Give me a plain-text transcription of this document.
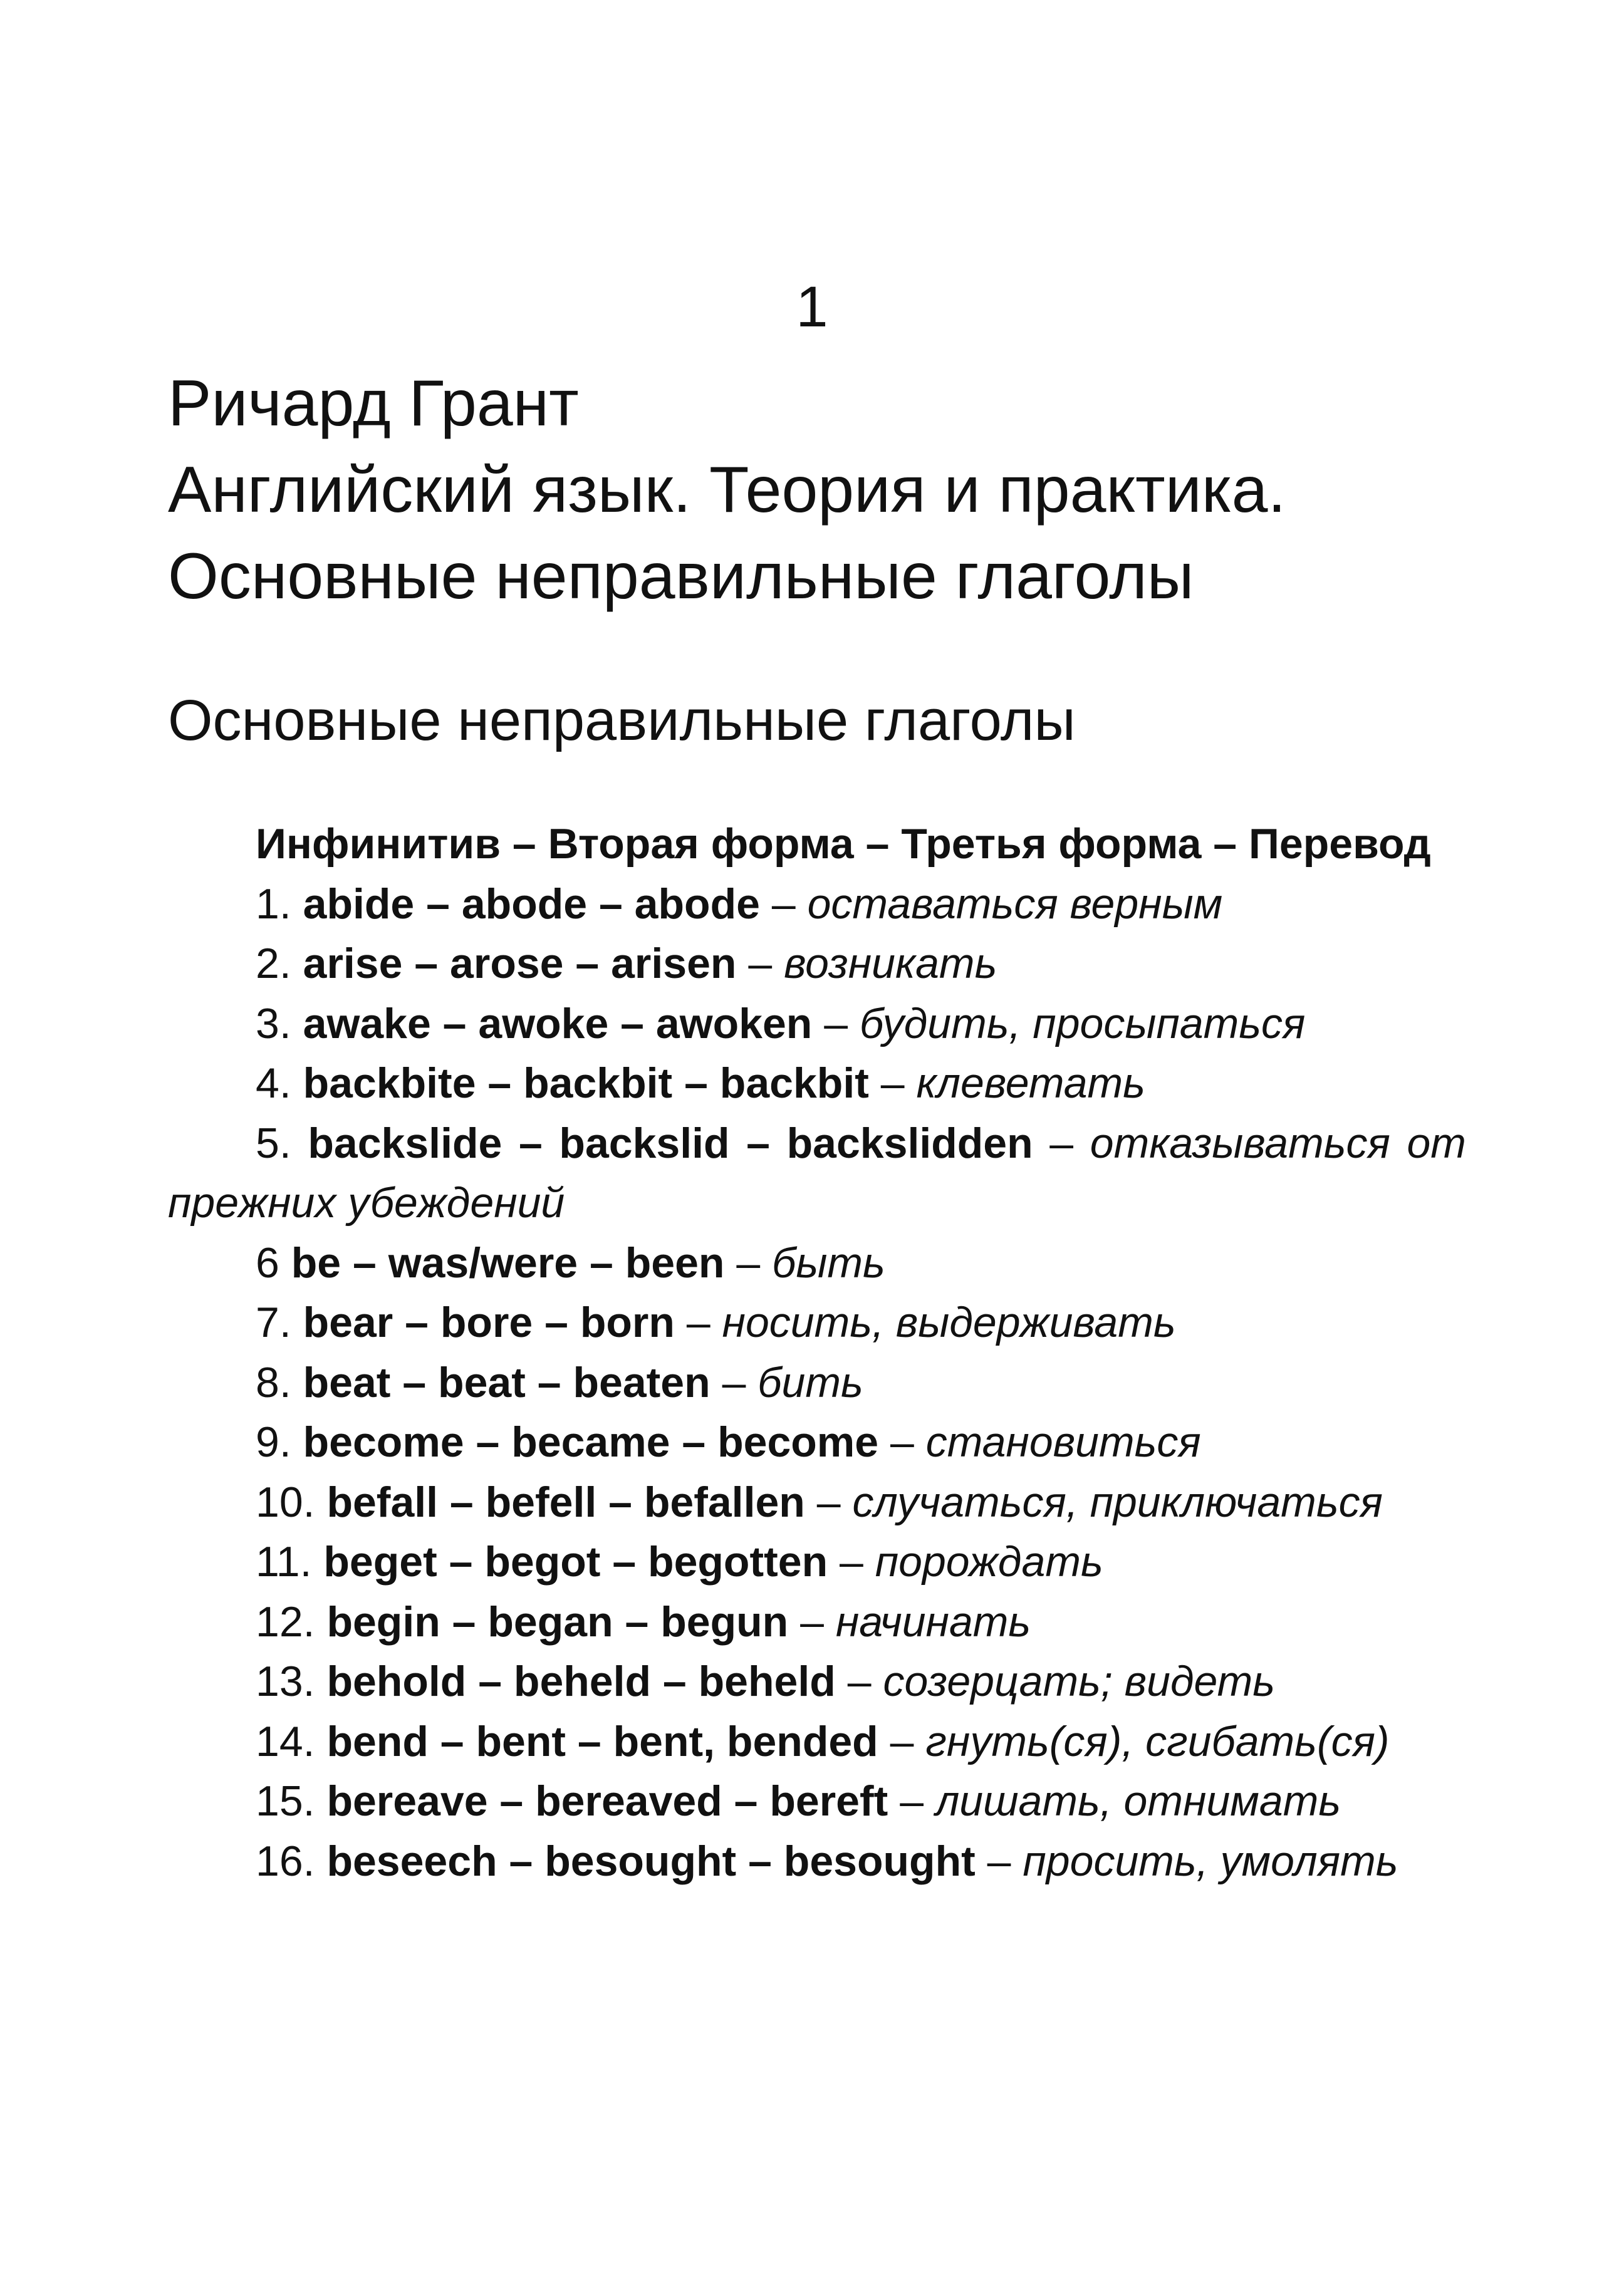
1
Ричард Грант
Английский язык. Теория и практика.
Основные неправильные глаголы
Основные неправильные глаголы

Инфинитив – Вторая форма – Третья форма – Перевод

1. abide – abode – abode – оставаться верным

2. arise – arose – arisen – возникать

3. awake – awoke – awoken – будить, просыпаться

4. backbite – backbit – backbit – клеветать

5. backslide – backslid – backslidden – отказываться от прежних убеждений

6 be – was/were – been – быть

7. bear – bore – born – носить, выдерживать

8. beat – beat – beaten – бить

9. become – became – become – становиться

10. befall – befell – befallen – случаться, приключаться

11. beget – begot – begotten – порождать

12. begin – began – begun – начинать

13. behold – beheld – beheld – созерцать; видеть

14. bend – bent – bent, bended – гнуть(ся), сгибать(ся)

15. bereave – bereaved – bereft – лишать, отнимать

16. beseech – besought – besought – просить, умолять
